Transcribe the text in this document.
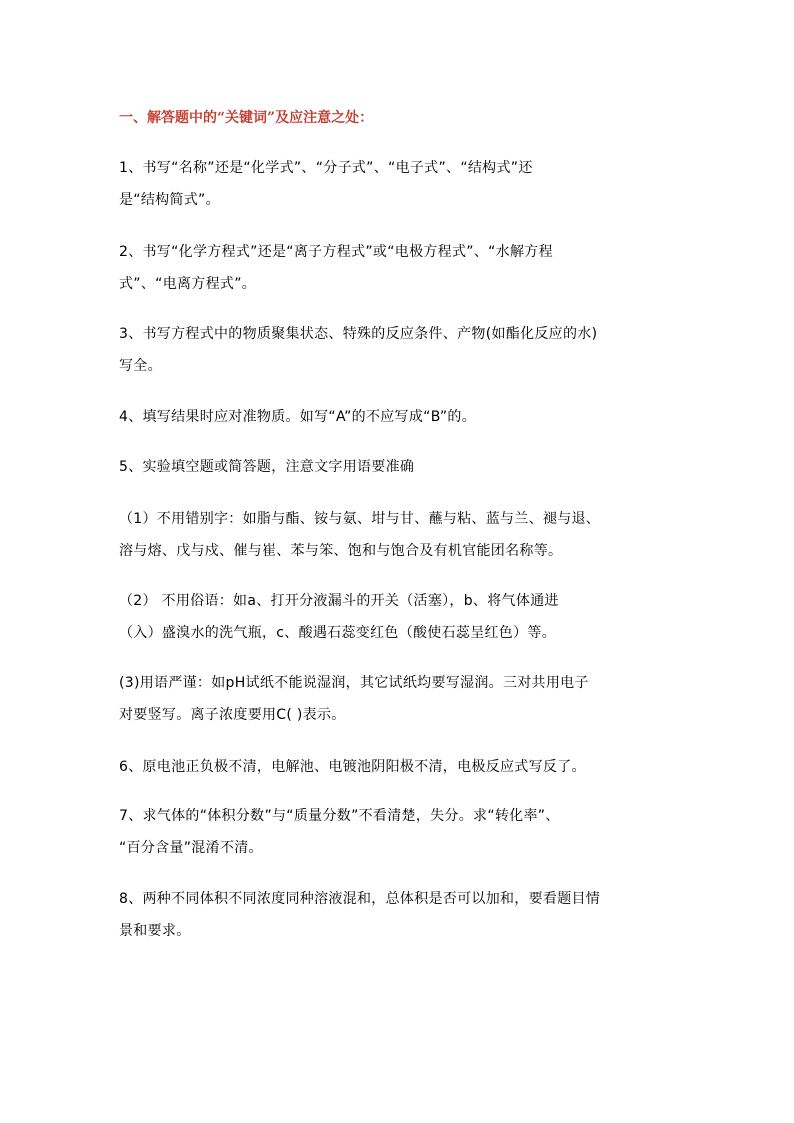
一、解答题中的“关键词”及应注意之处：
1、书写“名称”还是“化学式”、“分子式”、“电子式”、“结构式”还
是“结构简式”。
2、书写“化学方程式”还是“离子方程式”或“电极方程式”、“水解方程
式”、“电离方程式”。
3、书写方程式中的物质聚集状态、特殊的反应条件、产物(如酯化反应的水)
写全。
4、填写结果时应对准物质。如写“A”的不应写成“B”的。
5、实验填空题或简答题，注意文字用语要准确
（1）不用错别字：如脂与酯、铵与氨、坩与甘、蘸与粘、蓝与兰、褪与退、
溶与熔、戊与戍、催与崔、苯与笨、饱和与饱合及有机官能团名称等。
（2） 不用俗语：如a、打开分液漏斗的开关（活塞），b、将气体通进
（入）盛溴水的洗气瓶，c、酸遇石蕊变红色（酸使石蕊呈红色）等。
(3)用语严谨：如pH试纸不能说湿润，其它试纸均要写湿润。三对共用电子
对要竖写。离子浓度要用C( )表示。
6、原电池正负极不清，电解池、电镀池阴阳极不清，电极反应式写反了。
7、求气体的“体积分数”与“质量分数”不看清楚，失分。求“转化率”、
“百分含量”混淆不清。
8、两种不同体积不同浓度同种溶液混和，总体积是否可以加和，要看题目情
景和要求。
